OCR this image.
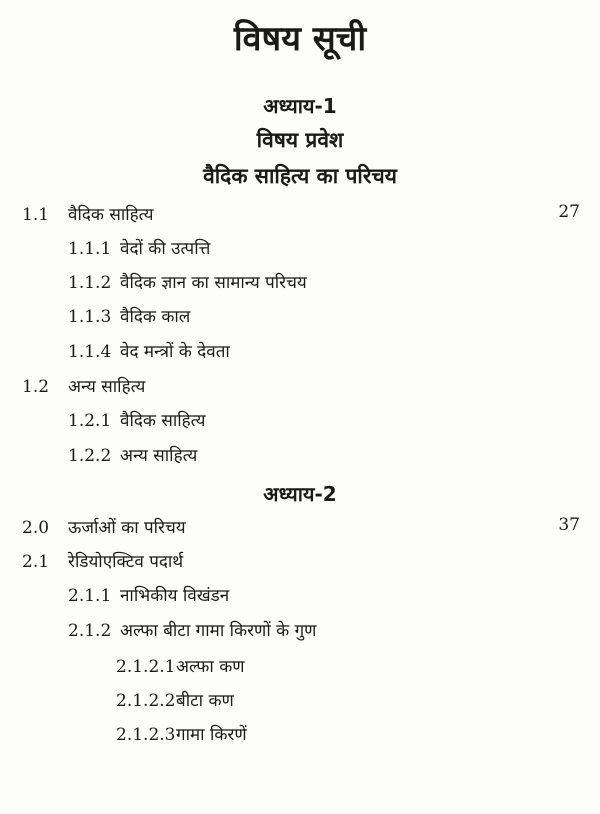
विषय सूची
अध्याय-1
विषय प्रवेश
वैदिक साहित्य का परिचय
1.1 वैदिक साहित्य	27
1.1.1 वेदों की उत्पत्ति
1.1.2 वैदिक ज्ञान का सामान्य परिचय
1.1.3 वैदिक काल
1.1.4 वेद मन्त्रों के देवता
1.2 अन्य साहित्य
1.2.1 वैदिक साहित्य
1.2.2 अन्य साहित्य
अध्याय-2
2.0 ऊर्जाओं का परिचय	37
2.1 रेडियोएक्टिव पदार्थ
2.1.1 नाभिकीय विखंडन
2.1.2 अल्फा बीटा गामा किरणों के गुण
2.1.2.1अल्फा कण
2.1.2.2बीटा कण
2.1.2.3गामा किरणें
